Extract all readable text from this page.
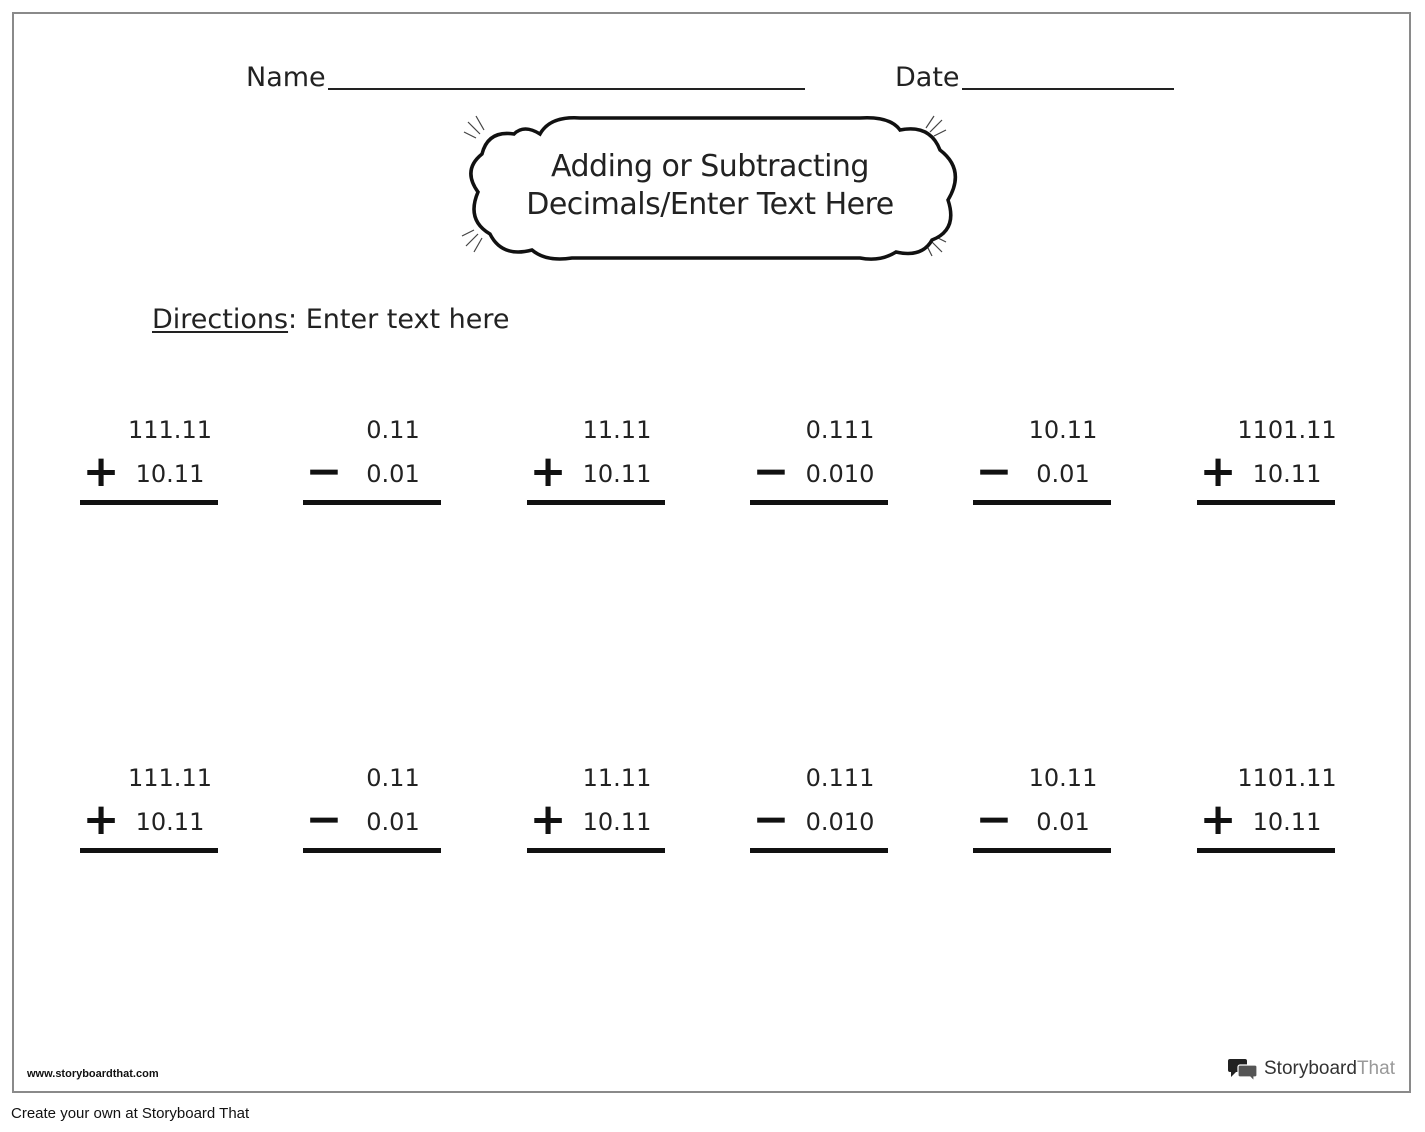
Name	Date
Adding or Subtracting
Decimals/Enter Text Here
Directions: Enter text here
111.11
+ 10.11
0.11
− 0.01
11.11
+ 10.11
0.111
− 0.010
10.11
− 0.01
1101.11
+ 10.11
111.11
+ 10.11
0.11
− 0.01
11.11
+ 10.11
0.111
− 0.010
10.11
− 0.01
1101.11
+ 10.11
www.storyboardthat.com	StoryboardThat
Create your own at Storyboard That
